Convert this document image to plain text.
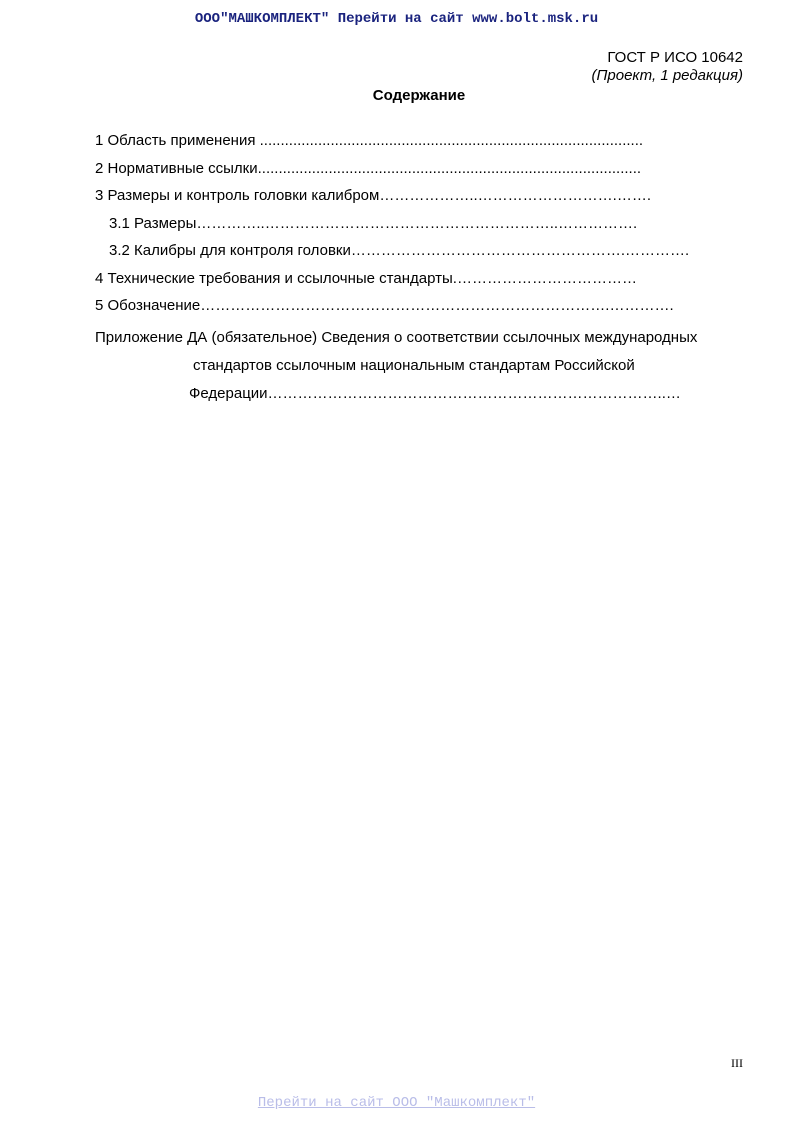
ООО"МАШКОМПЛЕКТ" Перейти на сайт www.bolt.msk.ru
ГОСТ Р ИСО 10642
(Проект, 1 редакция)
Содержание
1 Область применения ............................................................................................
2 Нормативные ссылки............................................................................................
3 Размеры и контроль головки калибром………………..……………………….…….
3.1 Размеры…………..…………………………………………………..…………….
3.2 Калибры для контроля головки……………………………………………….………….
4 Технические требования и ссылочные стандарты.………………………………
5 Обозначение……………………………………………………………………….………….
Приложение ДА (обязательное) Сведения о соответствии ссылочных международных
стандартов ссылочным национальным стандартам Российской
Федерации……………………………………………………………………..…
III
Перейти на сайт ООО "Машкомплект"
